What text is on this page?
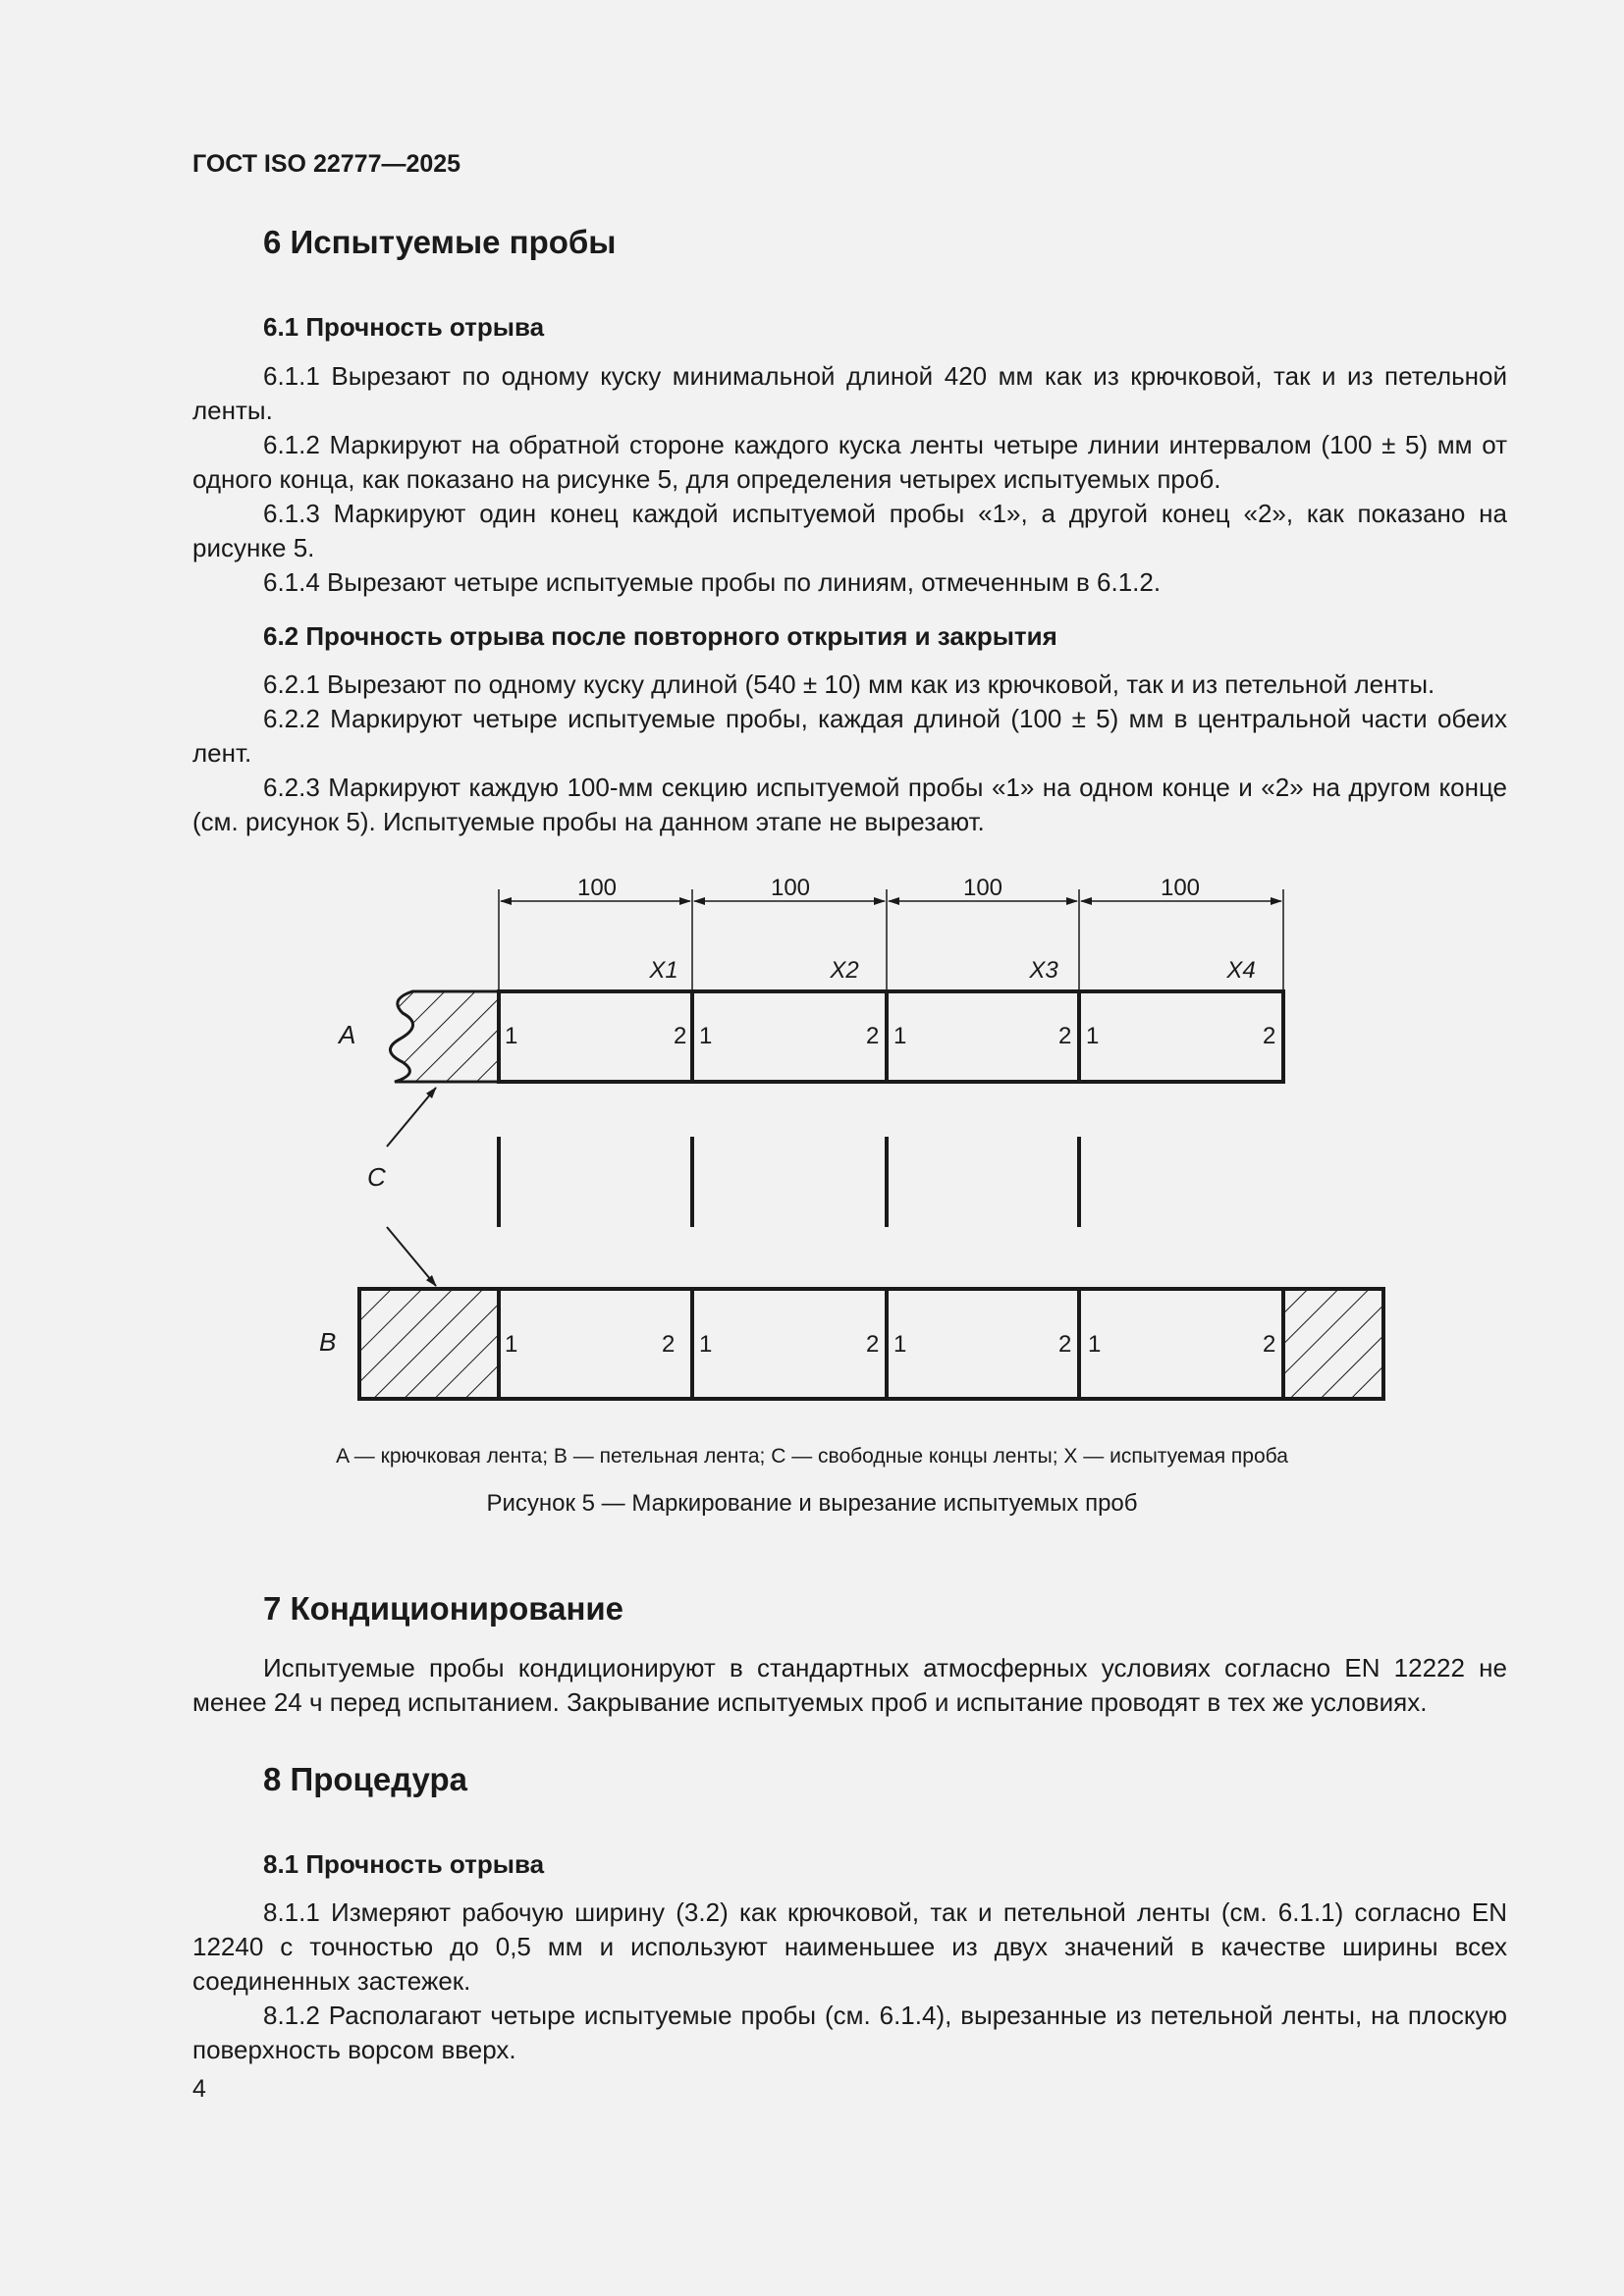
ГОСТ ISO 22777—2025
6 Испытуемые пробы
6.1 Прочность отрыва

6.1.1 Вырезают по одному куску минимальной длиной 420 мм как из крючковой, так и из петельной ленты.

6.1.2 Маркируют на обратной стороне каждого куска ленты четыре линии интервалом (100 ± 5) мм от одного конца, как показано на рисунке 5, для определения четырех испытуемых проб.

6.1.3 Маркируют один конец каждой испытуемой пробы «1», а другой конец «2», как показано на рисунке 5.

6.1.4 Вырезают четыре испытуемые пробы по линиям, отмеченным в 6.1.2.

6.2 Прочность отрыва после повторного открытия и закрытия

6.2.1 Вырезают по одному куску длиной (540 ± 10) мм как из крючковой, так и из петельной ленты.

6.2.2 Маркируют четыре испытуемые пробы, каждая длиной (100 ± 5) мм в центральной части обеих лент.

6.2.3 Маркируют каждую 100-мм секцию испытуемой пробы «1» на одном конце и «2» на другом конце (см. рисунок 5). Испытуемые пробы на данном этапе не вырезают.

100	100	100	100
X1	X2	X3	X4
1	2 1	2 1	2 1	2
1	2 1	2 1	2 1	2
A
C
B
A — крючковая лента; B — петельная лента; C — свободные концы ленты; X — испытуемая проба
Рисунок 5 — Маркирование и вырезание испытуемых проб
7 Кондиционирование

Испытуемые пробы кондиционируют в стандартных атмосферных условиях согласно EN 12222 не менее 24 ч перед испытанием. Закрывание испытуемых проб и испытание проводят в тех же условиях.

8 Процедура
8.1 Прочность отрыва

8.1.1 Измеряют рабочую ширину (3.2) как крючковой, так и петельной ленты (см. 6.1.1) согласно EN 12240 с точностью до 0,5 мм и используют наименьшее из двух значений в качестве ширины всех соединенных застежек.

8.1.2 Располагают четыре испытуемые пробы (см. 6.1.4), вырезанные из петельной ленты, на плоскую поверхность ворсом вверх.

4
